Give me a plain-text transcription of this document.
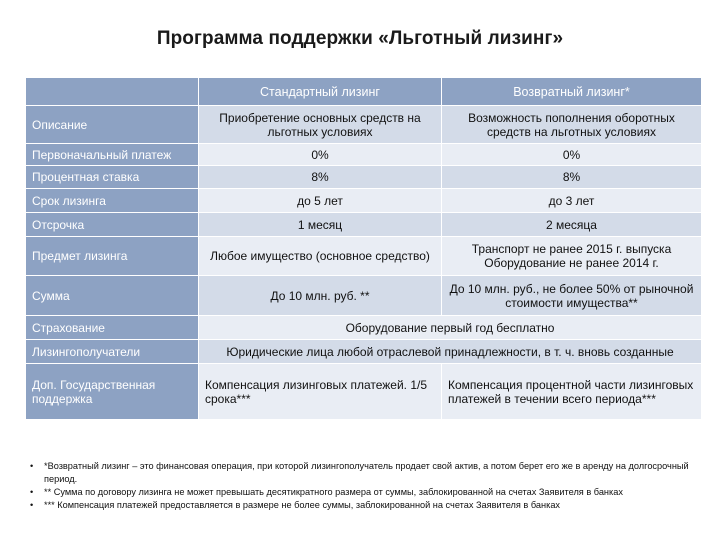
Программа поддержки «Льготный лизинг»
	Стандартный лизинг	Возвратный лизинг*
Описание	Приобретение основных средств на льготных условиях	Возможность пополнения оборотных средств на льготных условиях
Первоначальный платеж	0%	0%
Процентная ставка	8%	8%
Срок лизинга	до 5 лет	до 3 лет
Отсрочка	1 месяц	2 месяца
Предмет лизинга	Любое имущество (основное средство)	Транспорт не ранее 2015 г. выпуска Оборудование не ранее 2014 г.
Сумма	До 10 млн. руб. **	До 10 млн. руб., не более 50% от рыночной стоимости имущества**
Страхование	Оборудование первый год бесплатно	
Лизингополучатели	Юридические лица любой отраслевой принадлежности, в т. ч. вновь созданные	
Доп. Государственная поддержка	Компенсация лизинговых платежей. 1/5 срока***	Компенсация процентной части лизинговых платежей в течении всего периода***
• *Возвратный лизинг – это финансовая операция, при которой лизингополучатель продает свой актив, а потом берет его же в аренду на долгосрочный период.
• ** Сумма по договору лизинга не может превышать десятикратного размера от суммы, заблокированной на счетах Заявителя в банках
• *** Компенсация платежей предоставляется в размере не более суммы, заблокированной на счетах Заявителя в банках
